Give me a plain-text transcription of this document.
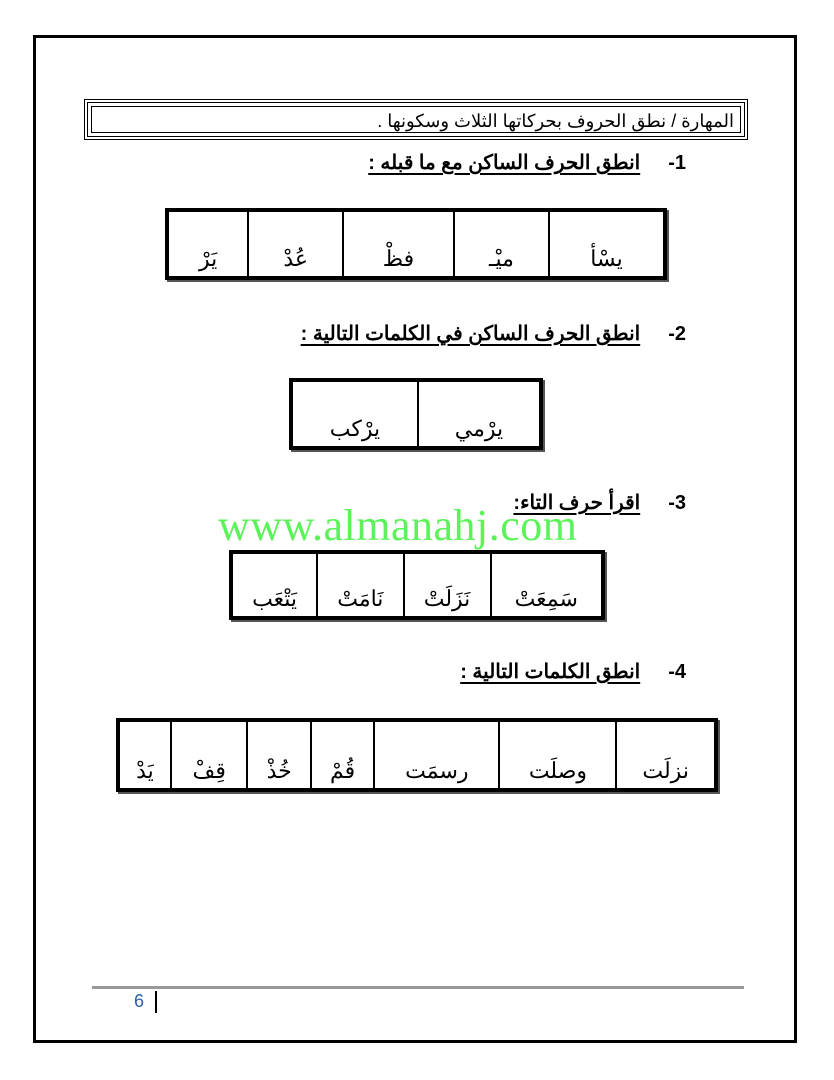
المهارة / نطق الحروف بحركاتها الثلاث وسكونها .
1-انطق الحرف الساكن مع ما قبله :
يسْأ	ميْـ	فظْ	عُدْ	يَرْ
2-انطق الحرف الساكن في الكلمات التالية :
يرْمي	يرْكب
3-اقرأ حرف التاء:
سَمِعَتْ	نَزَلَتْ	نَامَتْ	يَتْعَب
4-انطق الكلمات التالية :
نزلَت	وصلَت	رسمَت	قُمْ	خُذْ	قِفْ	يَدْ
www.almanahj.com
6
